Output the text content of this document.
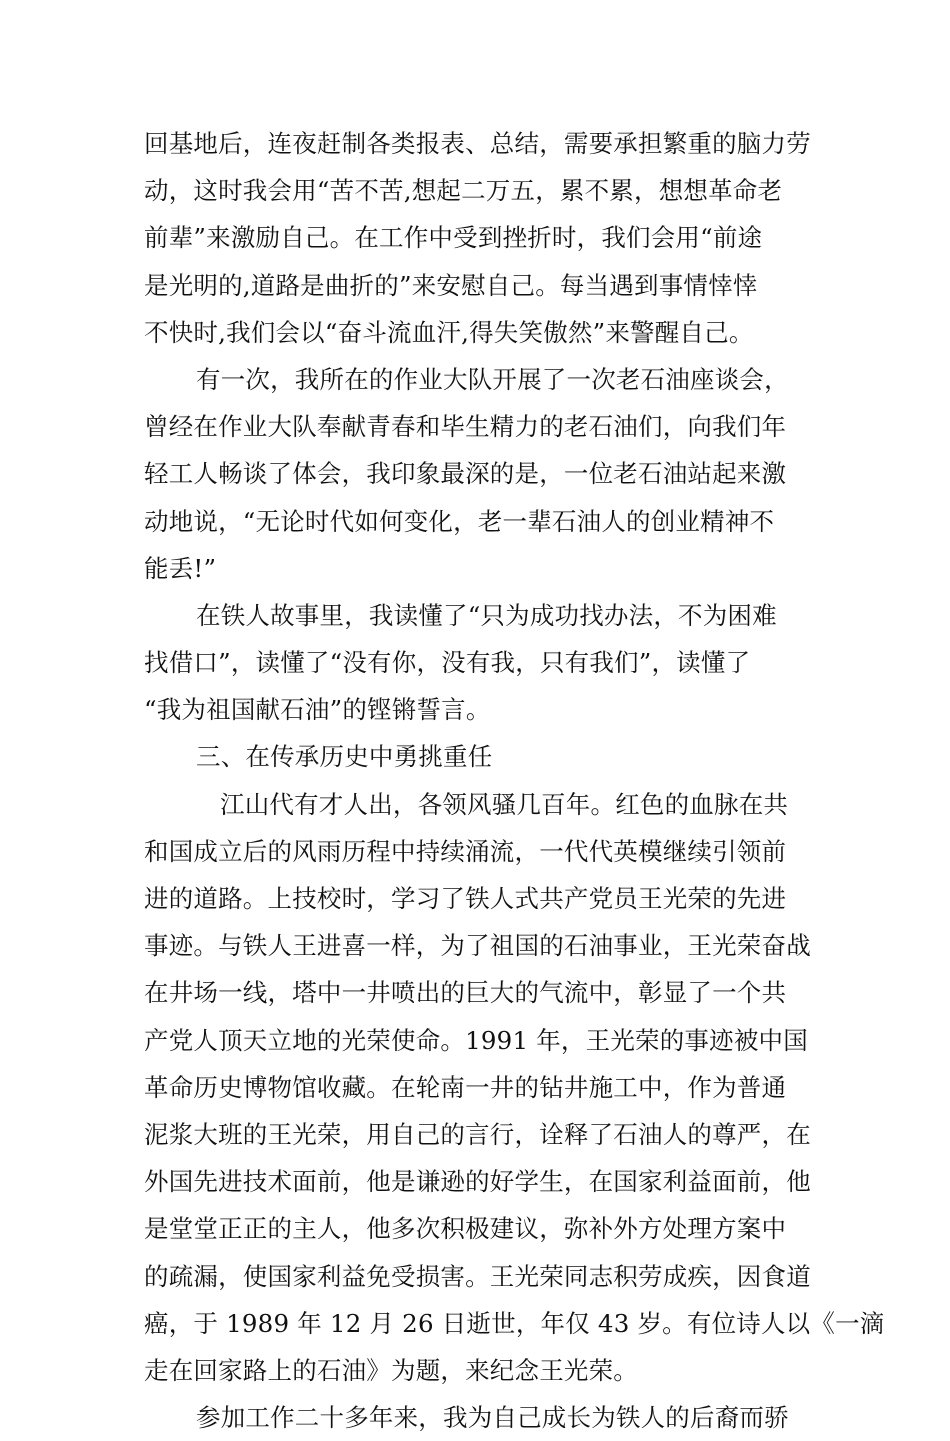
回基地后，连夜赶制各类报表、总结，需要承担繁重的脑力劳
动，这时我会用“苦不苦,想起二万五，累不累，想想革命老
前辈”来激励自己。在工作中受到挫折时，我们会用“前途
是光明的,道路是曲折的”来安慰自己。每当遇到事情悻悻
不快时,我们会以“奋斗流血汗,得失笑傲然”来警醒自己。
有一次，我所在的作业大队开展了一次老石油座谈会，
曾经在作业大队奉献青春和毕生精力的老石油们，向我们年
轻工人畅谈了体会，我印象最深的是，一位老石油站起来激
动地说，“无论时代如何变化，老一辈石油人的创业精神不
能丢!”
在铁人故事里，我读懂了“只为成功找办法，不为困难
找借口”，读懂了“没有你，没有我，只有我们”，读懂了
“我为祖国献石油”的铿锵誓言。
三、在传承历史中勇挑重任
江山代有才人出，各领风骚几百年。红色的血脉在共
和国成立后的风雨历程中持续涌流，一代代英模继续引领前
进的道路。上技校时，学习了铁人式共产党员王光荣的先进
事迹。与铁人王进喜一样，为了祖国的石油事业，王光荣奋战
在井场一线，塔中一井喷出的巨大的气流中，彰显了一个共
产党人顶天立地的光荣使命。1991 年，王光荣的事迹被中国
革命历史博物馆收藏。在轮南一井的钻井施工中，作为普通
泥浆大班的王光荣，用自己的言行，诠释了石油人的尊严，在
外国先进技术面前，他是谦逊的好学生，在国家利益面前，他
是堂堂正正的主人，他多次积极建议，弥补外方处理方案中
的疏漏，使国家利益免受损害。王光荣同志积劳成疾，因食道
癌，于 1989 年 12 月 26 日逝世，年仅 43 岁。有位诗人以《一滴
走在回家路上的石油》为题，来纪念王光荣。
参加工作二十多年来，我为自己成长为铁人的后裔而骄
